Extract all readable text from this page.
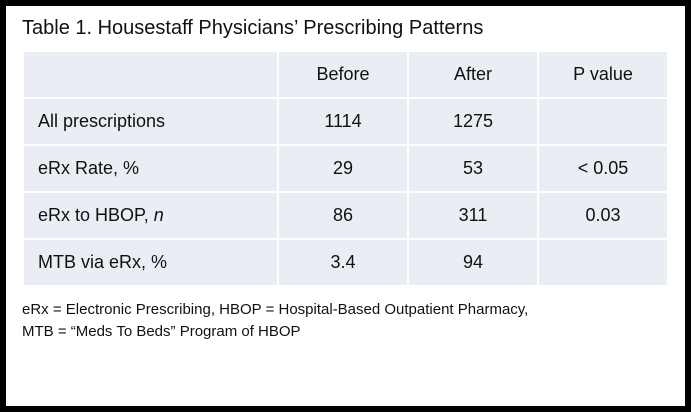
Table 1. Housestaff Physicians’ Prescribing Patterns
	Before	After	P value
All prescriptions	1114	1275	
eRx Rate, %	29	53	< 0.05
eRx to HBOP, n	86	311	0.03
MTB via eRx, %	3.4	94	
eRx = Electronic Prescribing, HBOP = Hospital-Based Outpatient Pharmacy,
MTB = “Meds To Beds” Program of HBOP
